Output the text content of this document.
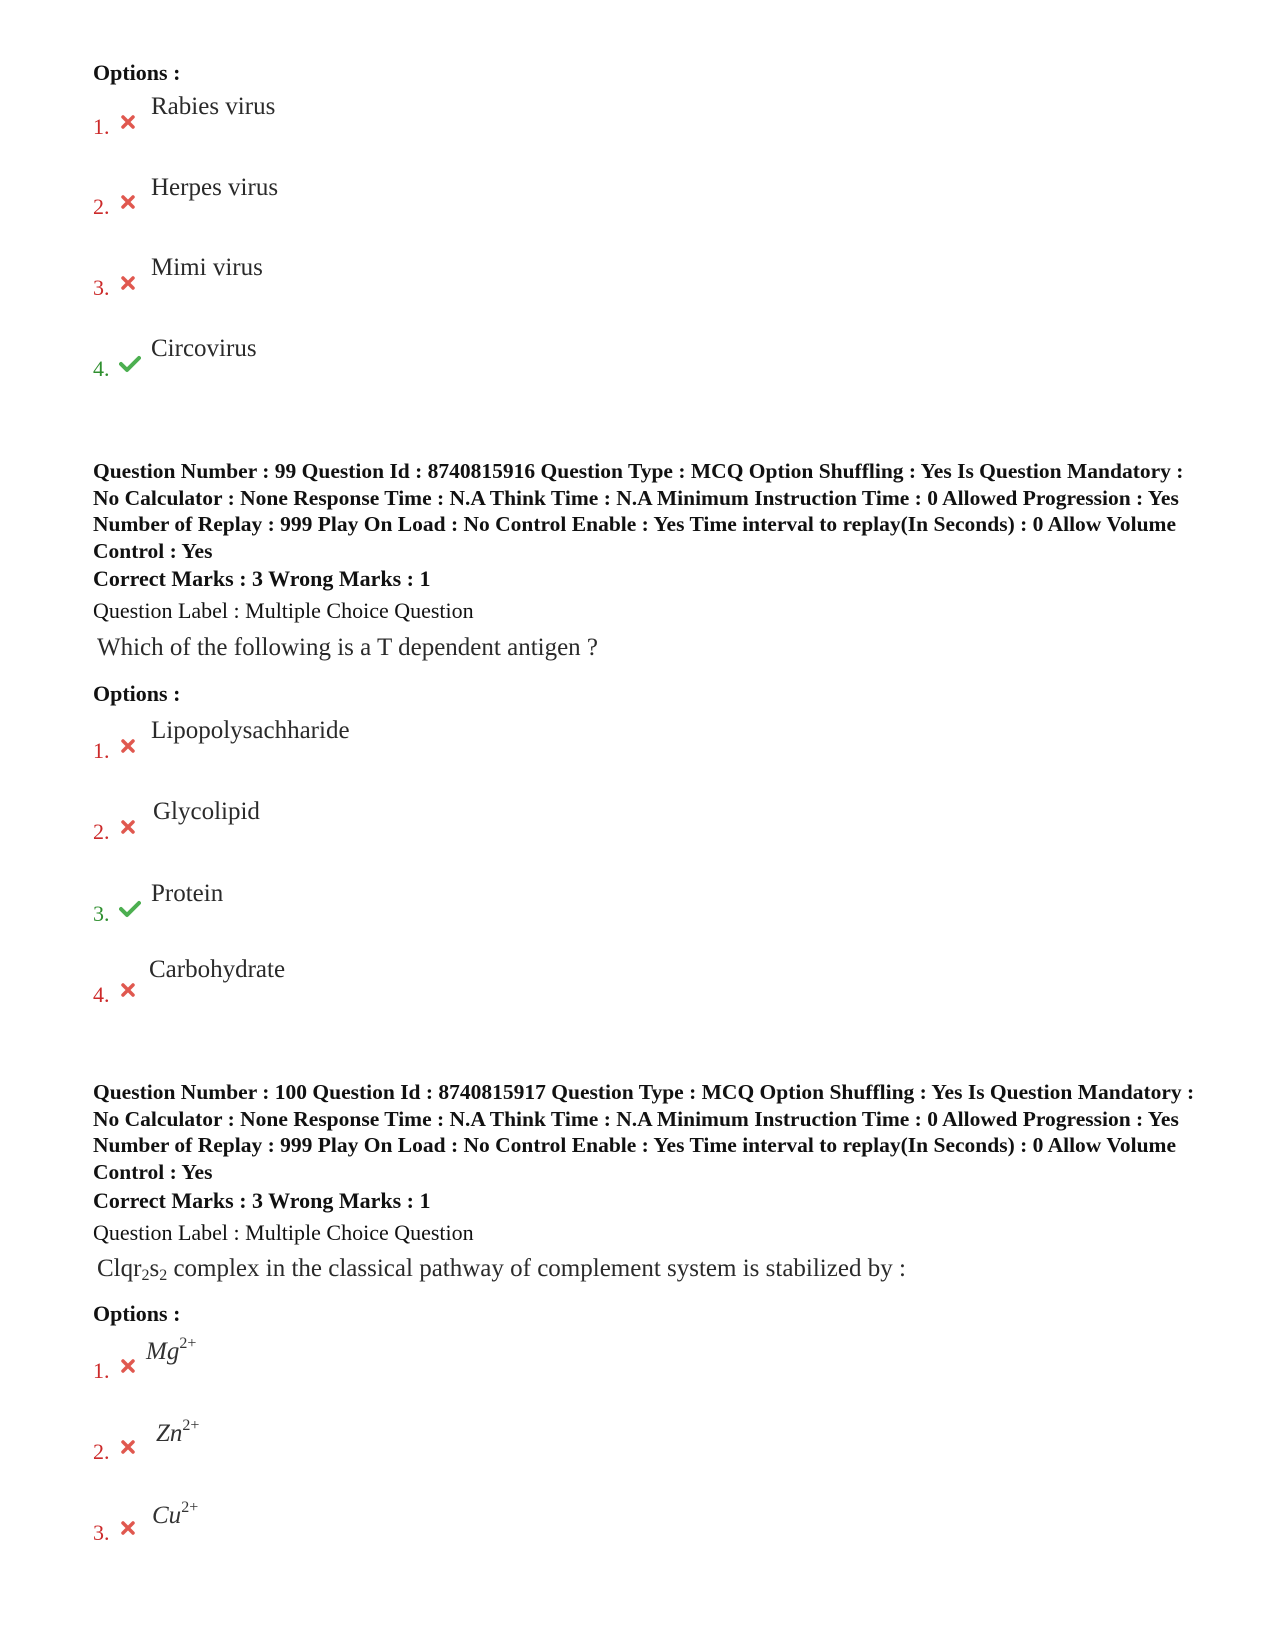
Options :
1.
Rabies virus
2.
Herpes virus
3.
Mimi virus
4.
Circovirus
Question Number : 99 Question Id : 8740815916 Question Type : MCQ Option Shuffling : Yes Is Question Mandatory : No Calculator : None Response Time : N.A Think Time : N.A Minimum Instruction Time : 0 Allowed Progression : Yes Number of Replay : 999 Play On Load : No Control Enable : Yes Time interval to replay(In Seconds) : 0 Allow Volume Control : Yes
Correct Marks : 3 Wrong Marks : 1
Question Label : Multiple Choice Question
Which of the following is a T dependent antigen ?
Options :
1.
Lipopolysachharide
2.
Glycolipid
3.
Protein
4.
Carbohydrate
Question Number : 100 Question Id : 8740815917 Question Type : MCQ Option Shuffling : Yes Is Question Mandatory : No Calculator : None Response Time : N.A Think Time : N.A Minimum Instruction Time : 0 Allowed Progression : Yes Number of Replay : 999 Play On Load : No Control Enable : Yes Time interval to replay(In Seconds) : 0 Allow Volume Control : Yes
Correct Marks : 3 Wrong Marks : 1
Question Label : Multiple Choice Question
$Clqr_2s_2$ complex in the classical pathway of complement system is stabilized by :
Options :
1.
$Mg^{2+}$
2.
$Zn^{2+}$
3.
$Cu^{2+}$
